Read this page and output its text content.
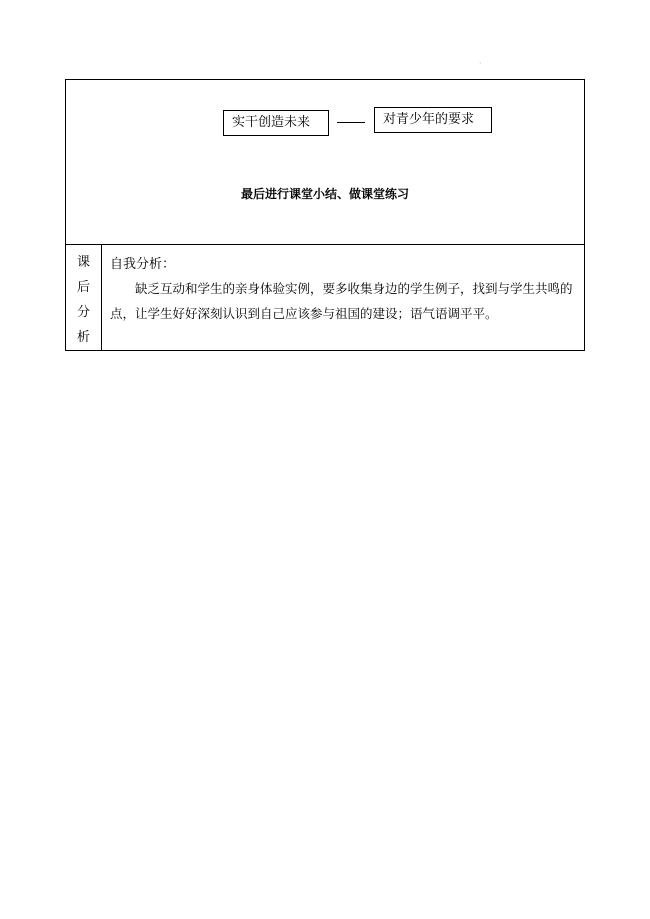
、
实干创造未来	对青少年的要求
最后进行课堂小结、做课堂练习
课
后
分
析
自我分析：

缺乏互动和学生的亲身体验实例，要多收集身边的学生例子，找到与学生共鸣的点，让学生好好深刻认识到自己应该参与祖国的建设；语气语调平平。
